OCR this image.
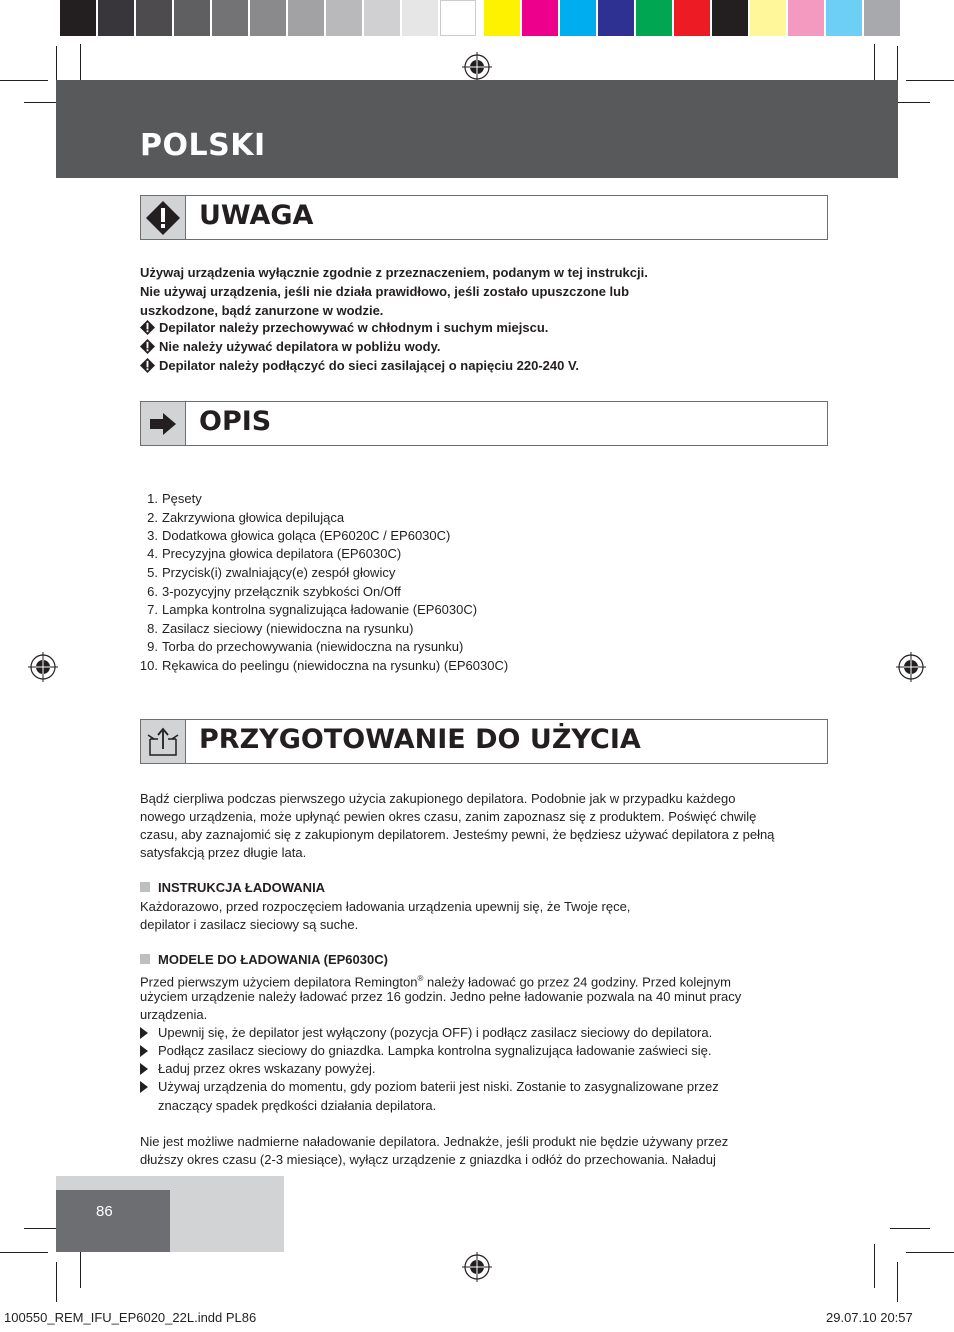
POLSKI
UWAGA
Używaj urządzenia wyłącznie zgodnie z przeznaczeniem, podanym w tej instrukcji.
Nie używaj urządzenia, jeśli nie działa prawidłowo, jeśli zostało upuszczone lub
uszkodzone, bądź zanurzone w wodzie.
Depilator należy przechowywać w chłodnym i suchym miejscu.
Nie należy używać depilatora w pobliżu wody.
Depilator należy podłączyć do sieci zasilającej o napięciu 220-240 V.
OPIS
1. Pęsety
2. Zakrzywiona głowica depilująca
3. Dodatkowa głowica goląca (EP6020C / EP6030C)
4. Precyzyjna głowica depilatora (EP6030C)
5. Przycisk(i) zwalniający(e) zespół głowicy
6. 3-pozycyjny przełącznik szybkości On/Off
7. Lampka kontrolna sygnalizująca ładowanie (EP6030C)
8. Zasilacz sieciowy (niewidoczna na rysunku)
9. Torba do przechowywania (niewidoczna na rysunku)
10. Rękawica do peelingu (niewidoczna na rysunku) (EP6030C)
PRZYGOTOWANIE DO UŻYCIA
Bądź cierpliwa podczas pierwszego użycia zakupionego depilatora. Podobnie jak w przypadku każdego
nowego urządzenia, może upłynąć pewien okres czasu, zanim zapoznasz się z produktem. Poświęć chwilę
czasu, aby zaznajomić się z zakupionym depilatorem. Jesteśmy pewni, że będziesz używać depilatora z pełną
satysfakcją przez długie lata.
INSTRUKCJA ŁADOWANIA
Każdorazowo, przed rozpoczęciem ładowania urządzenia upewnij się, że Twoje ręce,
depilator i zasilacz sieciowy są suche.
MODELE DO ŁADOWANIA (EP6030C)
Przed pierwszym użyciem depilatora Remington® należy ładować go przez 24 godziny. Przed kolejnym
użyciem urządzenie należy ładować przez 16 godzin. Jedno pełne ładowanie pozwala na 40 minut pracy
urządzenia.
Upewnij się, że depilator jest wyłączony (pozycja OFF) i podłącz zasilacz sieciowy do depilatora.
Podłącz zasilacz sieciowy do gniazdka. Lampka kontrolna sygnalizująca ładowanie zaświeci się.
Ładuj przez okres wskazany powyżej.
Używaj urządzenia do momentu, gdy poziom baterii jest niski. Zostanie to zasygnalizowane przez
znaczący spadek prędkości działania depilatora.
Nie jest możliwe nadmierne naładowanie depilatora. Jednakże, jeśli produkt nie będzie używany przez
dłuższy okres czasu (2-3 miesiące), wyłącz urządzenie z gniazdka i odłóż do przechowania. Naładuj
86
100550_REM_IFU_EP6020_22L.indd PL86	29.07.10 20:57
